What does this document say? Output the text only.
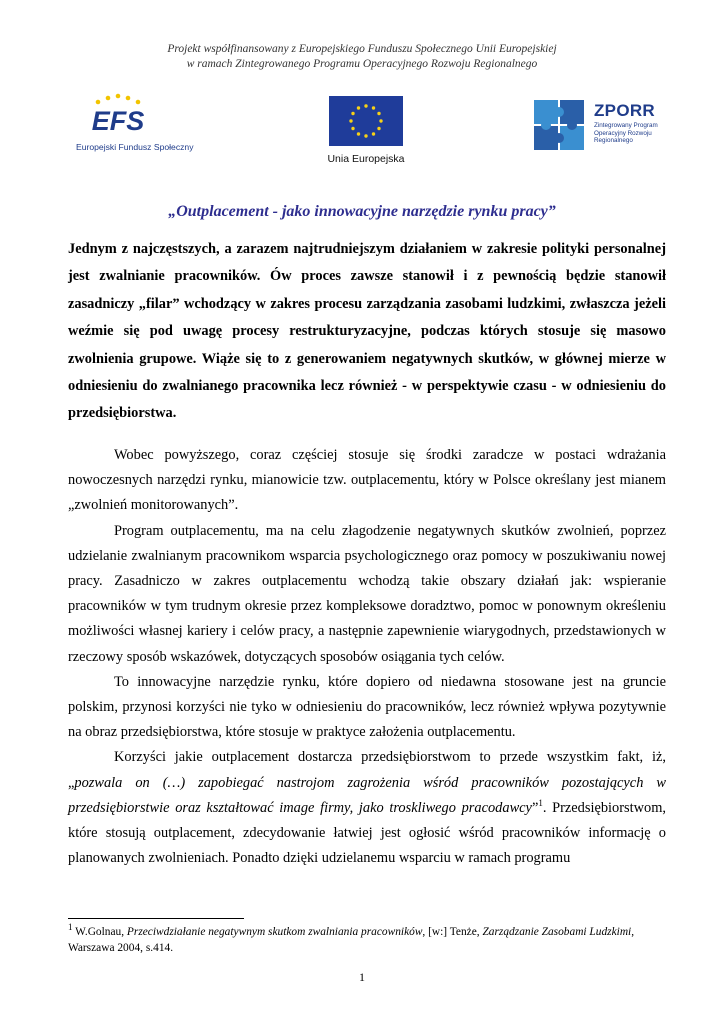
Projekt współfinansowany z Europejskiego Funduszu Społecznego Unii Europejskiej
w ramach Zintegrowanego Programu Operacyjnego Rozwoju Regionalnego
EFS
Europejski Fundusz Społeczny
Unia Europejska
ZPORR
Zintegrowany Program Operacyjny Rozwoju Regionalnego
„Outplacement - jako innowacyjne narzędzie rynku pracy”
Jednym z najczęstszych, a zarazem najtrudniejszym działaniem w zakresie polityki personalnej jest zwalnianie pracowników. Ów proces zawsze stanowił i z pewnością będzie stanowił zasadniczy „filar” wchodzący w zakres procesu zarządzania zasobami ludzkimi, zwłaszcza jeżeli weźmie się pod uwagę procesy restrukturyzacyjne, podczas których stosuje się masowo zwolnienia grupowe. Wiąże się to z generowaniem negatywnych skutków, w głównej mierze w odniesieniu do zwalnianego pracownika lecz również - w perspektywie czasu - w odniesieniu do przedsiębiorstwa.

Wobec powyższego, coraz częściej stosuje się środki zaradcze w postaci wdrażania nowoczesnych narzędzi rynku, mianowicie tzw. outplacementu, który w Polsce określany jest mianem „zwolnień monitorowanych”.

Program outplacementu, ma na celu złagodzenie negatywnych skutków zwolnień, poprzez udzielanie zwalnianym pracownikom wsparcia psychologicznego oraz pomocy w poszukiwaniu nowej pracy. Zasadniczo w zakres outplacementu wchodzą takie obszary działań jak: wspieranie pracowników w tym trudnym okresie przez kompleksowe doradztwo, pomoc w ponownym określeniu możliwości własnej kariery i celów pracy, a następnie zapewnienie wiarygodnych, przedstawionych w rzeczowy sposób wskazówek, dotyczących sposobów osiągania tych celów.

To innowacyjne narzędzie rynku, które dopiero od niedawna stosowane jest na gruncie polskim, przynosi korzyści nie tyko w odniesieniu do pracowników, lecz również wpływa pozytywnie na obraz przedsiębiorstwa, które stosuje w praktyce założenia outplacementu.

Korzyści jakie outplacement dostarcza przedsiębiorstwom to przede wszystkim fakt, iż, „pozwala on (…) zapobiegać nastrojom zagrożenia wśród pracowników pozostających w przedsiębiorstwie oraz kształtować image firmy, jako troskliwego pracodawcy”$^1$. Przedsiębiorstwom, które stosują outplacement, zdecydowanie łatwiej jest ogłosić wśród pracowników informację o planowanych zwolnieniach. Ponadto dzięki udzielanemu wsparciu w ramach programu

$^1$ W.Golnau, Przeciwdziałanie negatywnym skutkom zwalniania pracowników, [w:] Tenże, Zarządzanie Zasobami Ludzkimi, Warszawa 2004, s.414.
1
